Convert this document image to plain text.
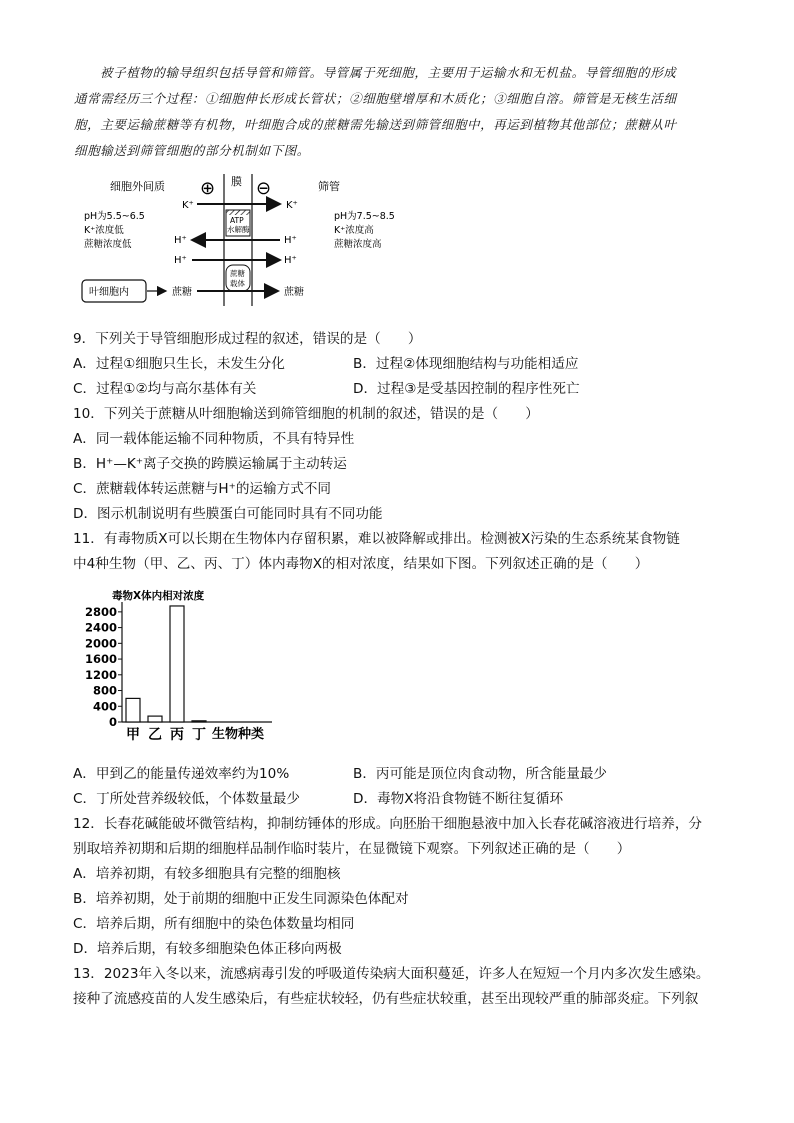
被子植物的输导组织包括导管和筛管。导管属于死细胞，主要用于运输水和无机盐。导管细胞的形成
通常需经历三个过程：①细胞伸长形成长管状；②细胞壁增厚和木质化；③细胞自溶。筛管是无核生活细
胞，主要运输蔗糖等有机物，叶细胞合成的蔗糖需先输送到筛管细胞中，再运到植物其他部位；蔗糖从叶
细胞输送到筛管细胞的部分机制如下图。
细胞外间质 ⊕ 膜 ⊖	筛管
K⁺	K⁺
ATP
水解酶
pH为5.5~6.5
K⁺浓度低
蔗糖浓度低
pH为7.5~8.5
K⁺浓度高
蔗糖浓度高
H⁺	H⁺
H⁺	H⁺
蔗糖
载体
叶细胞内	蔗糖	蔗糖
9．下列关于导管细胞形成过程的叙述，错误的是（　　）
A．过程①细胞只生长，未发生分化	B．过程②体现细胞结构与功能相适应
C．过程①②均与高尔基体有关	D．过程③是受基因控制的程序性死亡
10．下列关于蔗糖从叶细胞输送到筛管细胞的机制的叙述，错误的是（　　）
A．同一载体能运输不同种物质，不具有特异性
B．H⁺—K⁺离子交换的跨膜运输属于主动转运
C．蔗糖载体转运蔗糖与H⁺的运输方式不同
D．图示机制说明有些膜蛋白可能同时具有不同功能
11．有毒物质X可以长期在生物体内存留积累，难以被降解或排出。检测被X污染的生态系统某食物链
中4种生物（甲、乙、丙、丁）体内毒物X的相对浓度，结果如下图。下列叙述正确的是（　　）
毒物X体内相对浓度
0
400
800
1200
1600
2000
2400
2800
甲 乙 丙 丁 生物种类
A．甲到乙的能量传递效率约为10%	B．丙可能是顶位肉食动物，所含能量最少
C．丁所处营养级较低，个体数量最少	D．毒物X将沿食物链不断往复循环
12．长春花碱能破坏微管结构，抑制纺锤体的形成。向胚胎干细胞悬液中加入长春花碱溶液进行培养，分
别取培养初期和后期的细胞样品制作临时装片，在显微镜下观察。下列叙述正确的是（　　）
A．培养初期，有较多细胞具有完整的细胞核
B．培养初期，处于前期的细胞中正发生同源染色体配对
C．培养后期，所有细胞中的染色体数量均相同
D．培养后期，有较多细胞染色体正移向两极
13．2023年入冬以来，流感病毒引发的呼吸道传染病大面积蔓延，许多人在短短一个月内多次发生感染。
接种了流感疫苗的人发生感染后，有些症状较轻，仍有些症状较重，甚至出现较严重的肺部炎症。下列叙
